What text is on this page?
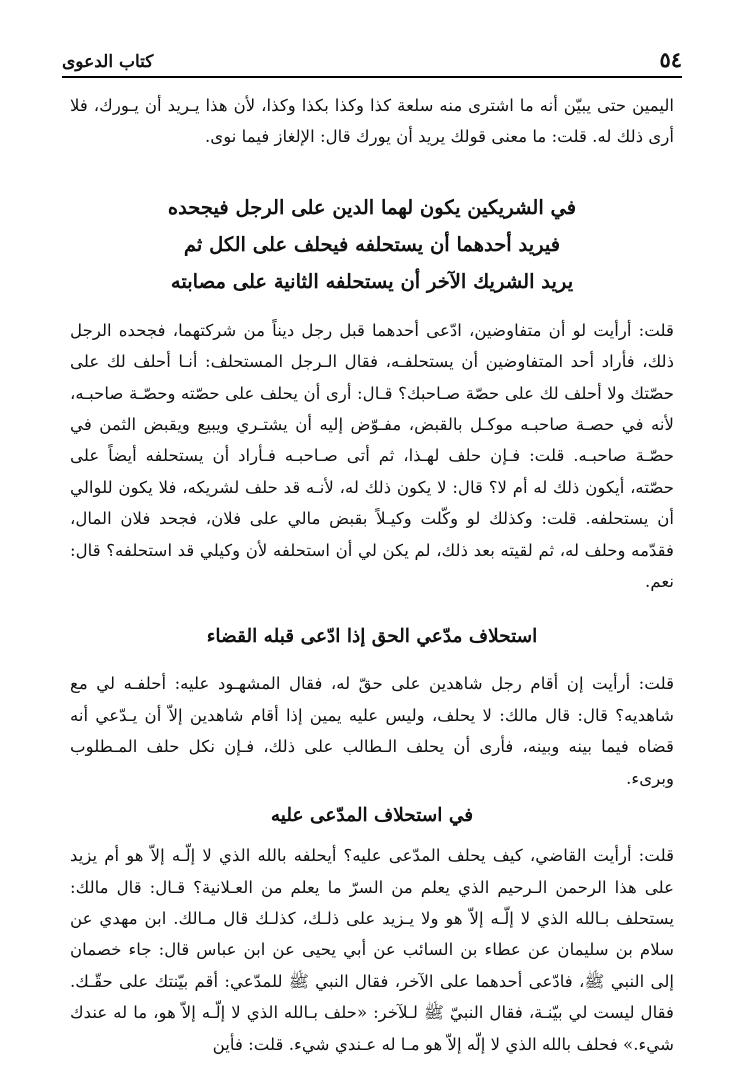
٥٤
كتاب الدعوى

اليمين حتى يبيّن أنه ما اشترى منه سلعة كذا وكذا بكذا وكذا، لأن هذا يـريد أن يـورك، فلا أرى ذلك له. قلت: ما معنى قولك يريد أن يورك قال: الإلغاز فيما نوى.

في الشريكين يكون لهما الدين على الرجل فيجحده

فيريد أحدهما أن يستحلفه فيحلف على الكل ثم

يريد الشريك الآخر أن يستحلفه الثانية على مصابته

قلت: أرأيت لو أن متفاوضين، ادّعى أحدهما قبل رجل ديناً من شركتهما، فجحده الرجل ذلك، فأراد أحد المتفاوضين أن يستحلفـه، فقال الـرجل المستحلف: أنـا أحلف لك على حصّتك ولا أحلف لك على حصّة صـاحبك؟ قـال: أرى أن يحلف على حصّته وحصّـة صاحبـه، لأنه في حصـة صاحبـه موكـل بالقبض، مفـوّض إليه أن يشتـري ويبيع ويقبض الثمن في حصّـة صاحبـه. قلت: فـإن حلف لهـذا، ثم أتى صـاحبـه فـأراد أن يستحلفه أيضاً على حصّته، أيكون ذلك له أم لا؟ قال: لا يكون ذلك له، لأنـه قد حلف لشريكه، فلا يكون للوالي أن يستحلفه. قلت: وكذلك لو وكّلت وكيـلاً بقبض مالي على فلان، فجحد فلان المال، فقدّمه وحلف له، ثم لقيته بعد ذلك، لم يكن لي أن استحلفه لأن وكيلي قد استحلفه؟ قال: نعم.

استحلاف مدّعي الحق إذا ادّعى قبله القضاء

قلت: أرأيت إن أقام رجل شاهدين على حقّ له، فقال المشهـود عليه: أحلفـه لي مع شاهديه؟ قال: قال مالك: لا يحلف، وليس عليه يمين إذا أقام شاهدين إلاّ أن يـدّعي أنه قضاه فيما بينه وبينه، فأرى أن يحلف الـطالب على ذلك، فـإن نكل حلف المـطلوب وبرىء.

في استحلاف المدّعى عليه

قلت: أرأيت القاضي، كيف يحلف المدّعى عليه؟ أيحلفه بالله الذي لا إلّـه إلاّ هو أم يزيد على هذا الرحمن الـرحيم الذي يعلم من السرّ ما يعلم من العـلانية؟ قـال: قال مالك: يستحلف بـالله الذي لا إلّـه إلاّ هو ولا يـزيد على ذلـك، كذلـك قال مـالك. ابن مهدي عن سلام بن سليمان عن عطاء بن السائب عن أبي يحيى عن ابن عباس قال: جاء خصمان إلى النبي ﷺ، فادّعى أحدهما على الآخر، فقال النبي ﷺ للمدّعي: أقم بيّنتك على حقّـك. فقال ليست لي بيّنـة، فقال النبيّ ﷺ لـلآخر: «حلف بـالله الذي لا إلّـه إلاّ هو، ما له عندك شيء.» فحلف بالله الذي لا إلّه إلاّ هو مـا له عـندي شيء. قلت: فأين
